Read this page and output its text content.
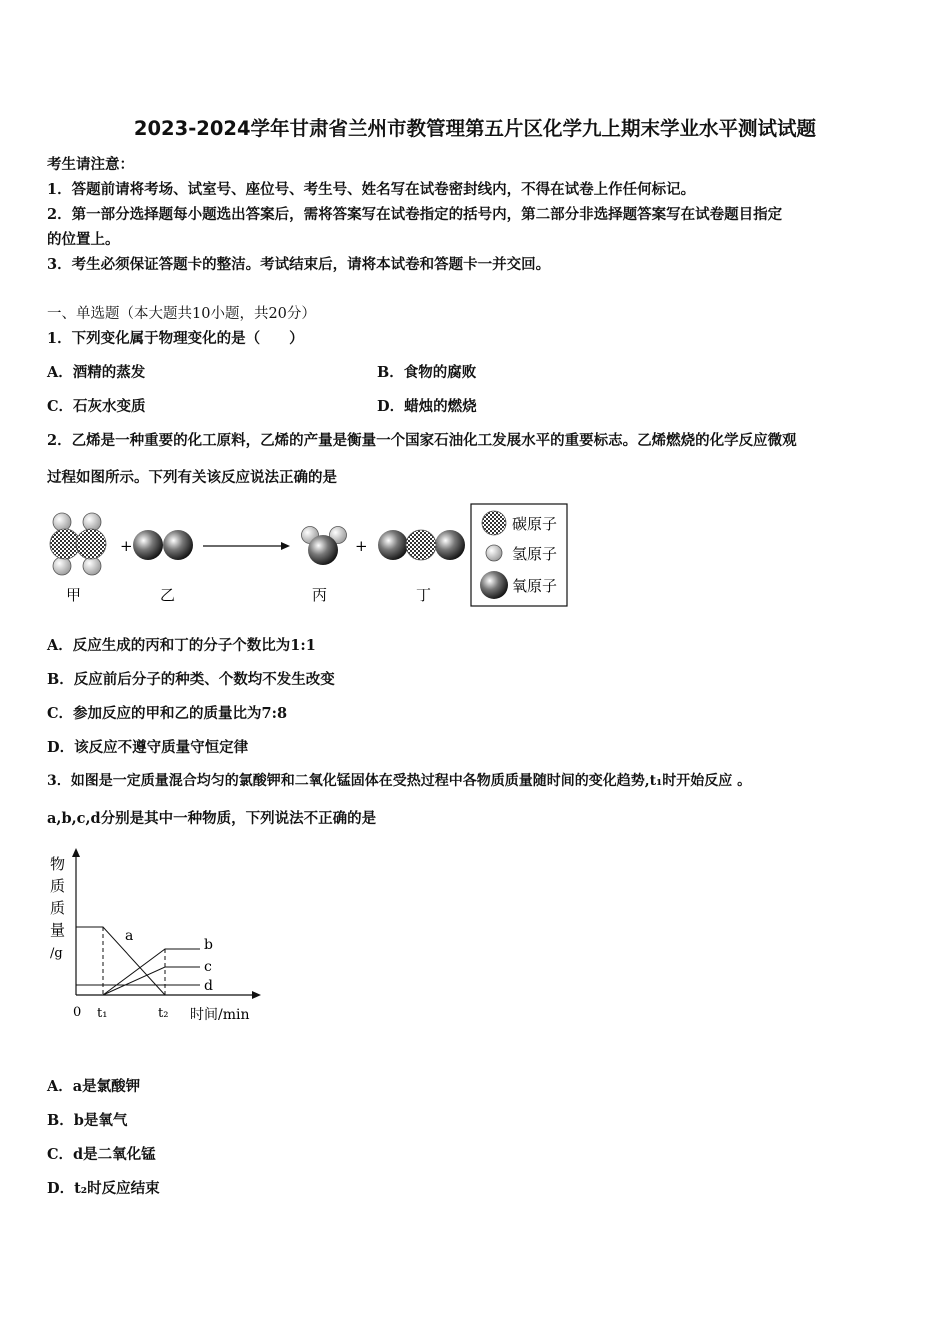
2023-2024学年甘肃省兰州市教管理第五片区化学九上期末学业水平测试试题
考生请注意：
1．答题前请将考场、试室号、座位号、考生号、姓名写在试卷密封线内，不得在试卷上作任何标记。
2．第一部分选择题每小题选出答案后，需将答案写在试卷指定的括号内，第二部分非选择题答案写在试卷题目指定
的位置上。
3．考生必须保证答题卡的整洁。考试结束后，请将本试卷和答题卡一并交回。
一、单选题（本大题共10小题，共20分）
1．下列变化属于物理变化的是（　　）
A．酒精的蒸发	B．食物的腐败
C．石灰水变质	D．蜡烛的燃烧
2．乙烯是一种重要的化工原料，乙烯的产量是衡量一个国家石油化工发展水平的重要标志。乙烯燃烧的化学反应微观
过程如图所示。下列有关该反应说法正确的是
+	+
甲	乙	丙	丁
碳原子
氢原子
氧原子
A．反应生成的丙和丁的分子个数比为1:1
B．反应前后分子的种类、个数均不发生改变
C．参加反应的甲和乙的质量比为7:8
D．该反应不遵守质量守恒定律
3．如图是一定质量混合均匀的氯酸钾和二氧化锰固体在受热过程中各物质质量随时间的变化趋势,t₁时开始反应 。
a,b,c,d分别是其中一种物质，下列说法不正确的是
物
质
质
量
/g
a
b
c
d
0 t₁	t₂ 时间/min
A．a是氯酸钾
B．b是氧气
C．d是二氧化锰
D．t₂时反应结束
